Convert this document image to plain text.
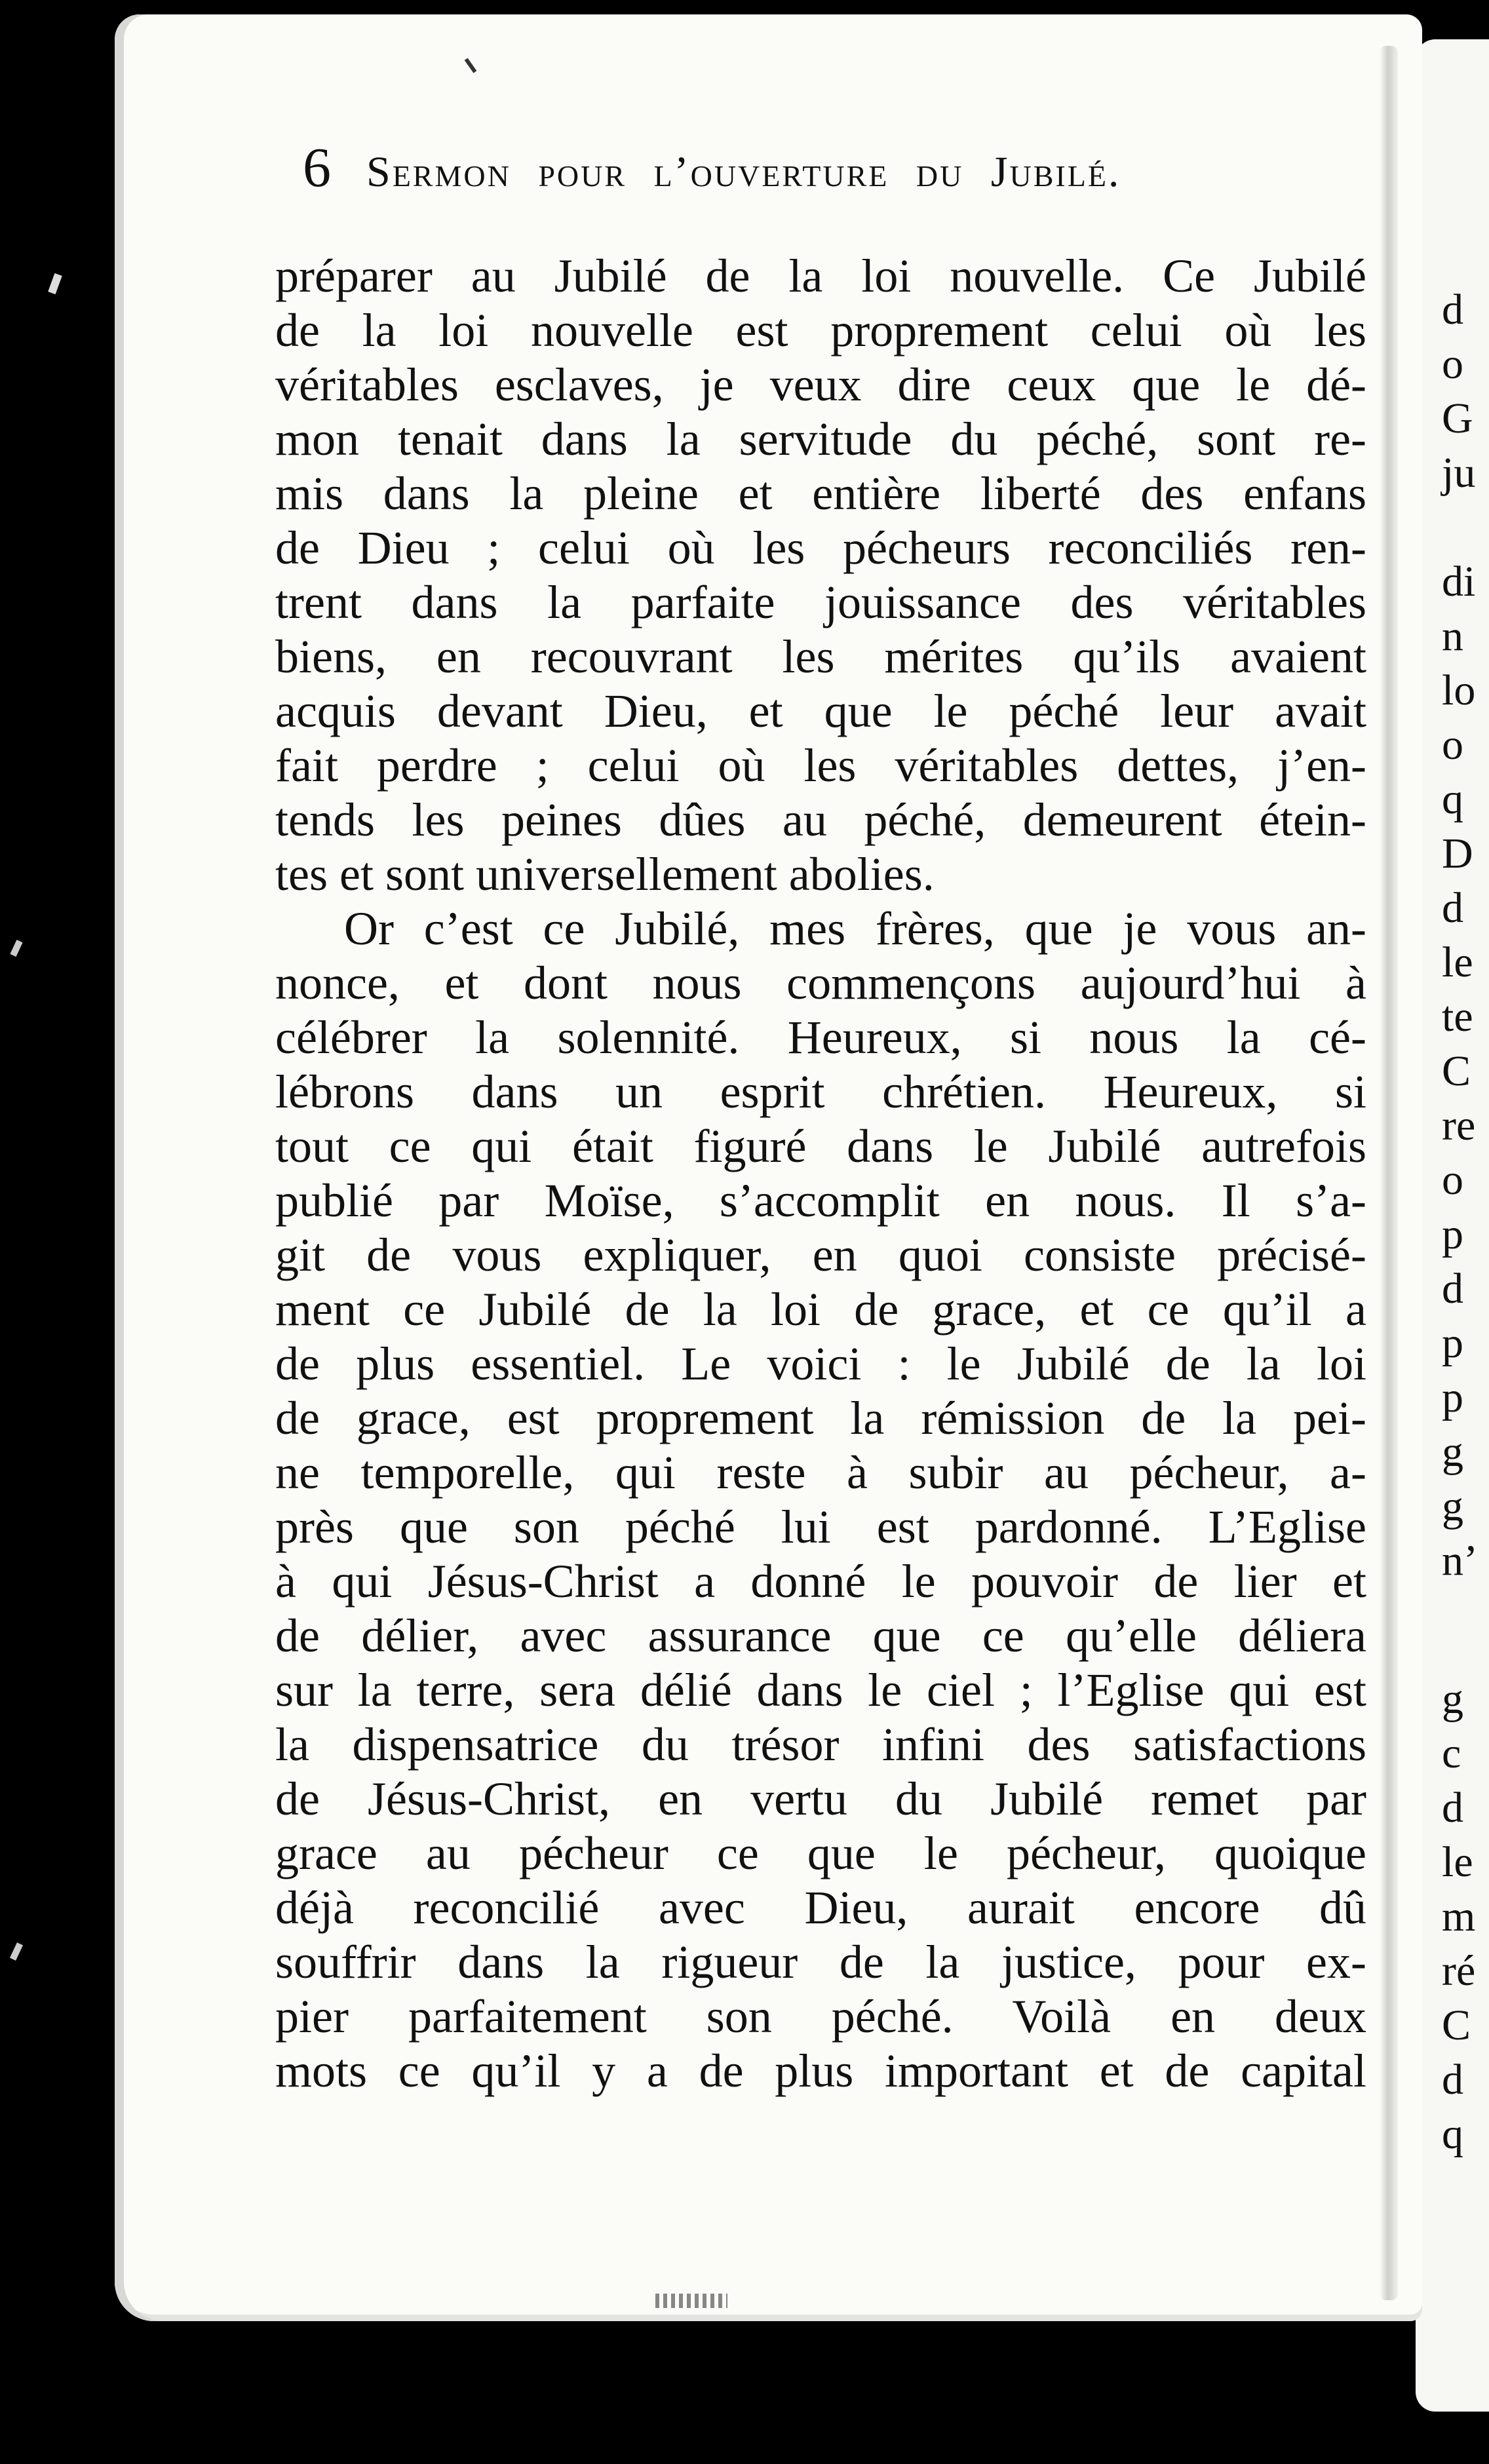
d
o
G
ju
di
n
lo
o
q
D
d
le
te
C
re
o
p
d
p
p
g
g
n’
g
c
d
le
m
ré
C
d
q
6 Sermon pour l’ouverture du Jubilé.
préparer au Jubilé de la loi nouvelle. Ce Jubilé
de la loi nouvelle est proprement celui où les
véritables esclaves, je veux dire ceux que le dé-
mon tenait dans la servitude du péché, sont re-
mis dans la pleine et entière liberté des enfans
de Dieu ; celui où les pécheurs reconciliés ren-
trent dans la parfaite jouissance des véritables
biens, en recouvrant les mérites qu’ils avaient
acquis devant Dieu, et que le péché leur avait
fait perdre ; celui où les véritables dettes, j’en-
tends les peines dûes au péché, demeurent étein-
tes et sont universellement abolies.
Or c’est ce Jubilé, mes frères, que je vous an-
nonce, et dont nous commençons aujourd’hui à
célébrer la solennité. Heureux, si nous la cé-
lébrons dans un esprit chrétien. Heureux, si
tout ce qui était figuré dans le Jubilé autrefois
publié par Moïse, s’accomplit en nous. Il s’a-
git de vous expliquer, en quoi consiste précisé-
ment ce Jubilé de la loi de grace, et ce qu’il a
de plus essentiel. Le voici : le Jubilé de la loi
de grace, est proprement la rémission de la pei-
ne temporelle, qui reste à subir au pécheur, a-
près que son péché lui est pardonné. L’Eglise
à qui Jésus-Christ a donné le pouvoir de lier et
de délier, avec assurance que ce qu’elle déliera
sur la terre, sera délié dans le ciel ; l’Eglise qui est
la dispensatrice du trésor infini des satisfactions
de Jésus-Christ, en vertu du Jubilé remet par
grace au pécheur ce que le pécheur, quoique
déjà reconcilié avec Dieu, aurait encore dû
souffrir dans la rigueur de la justice, pour ex-
pier parfaitement son péché. Voilà en deux
mots ce qu’il y a de plus important et de capital
